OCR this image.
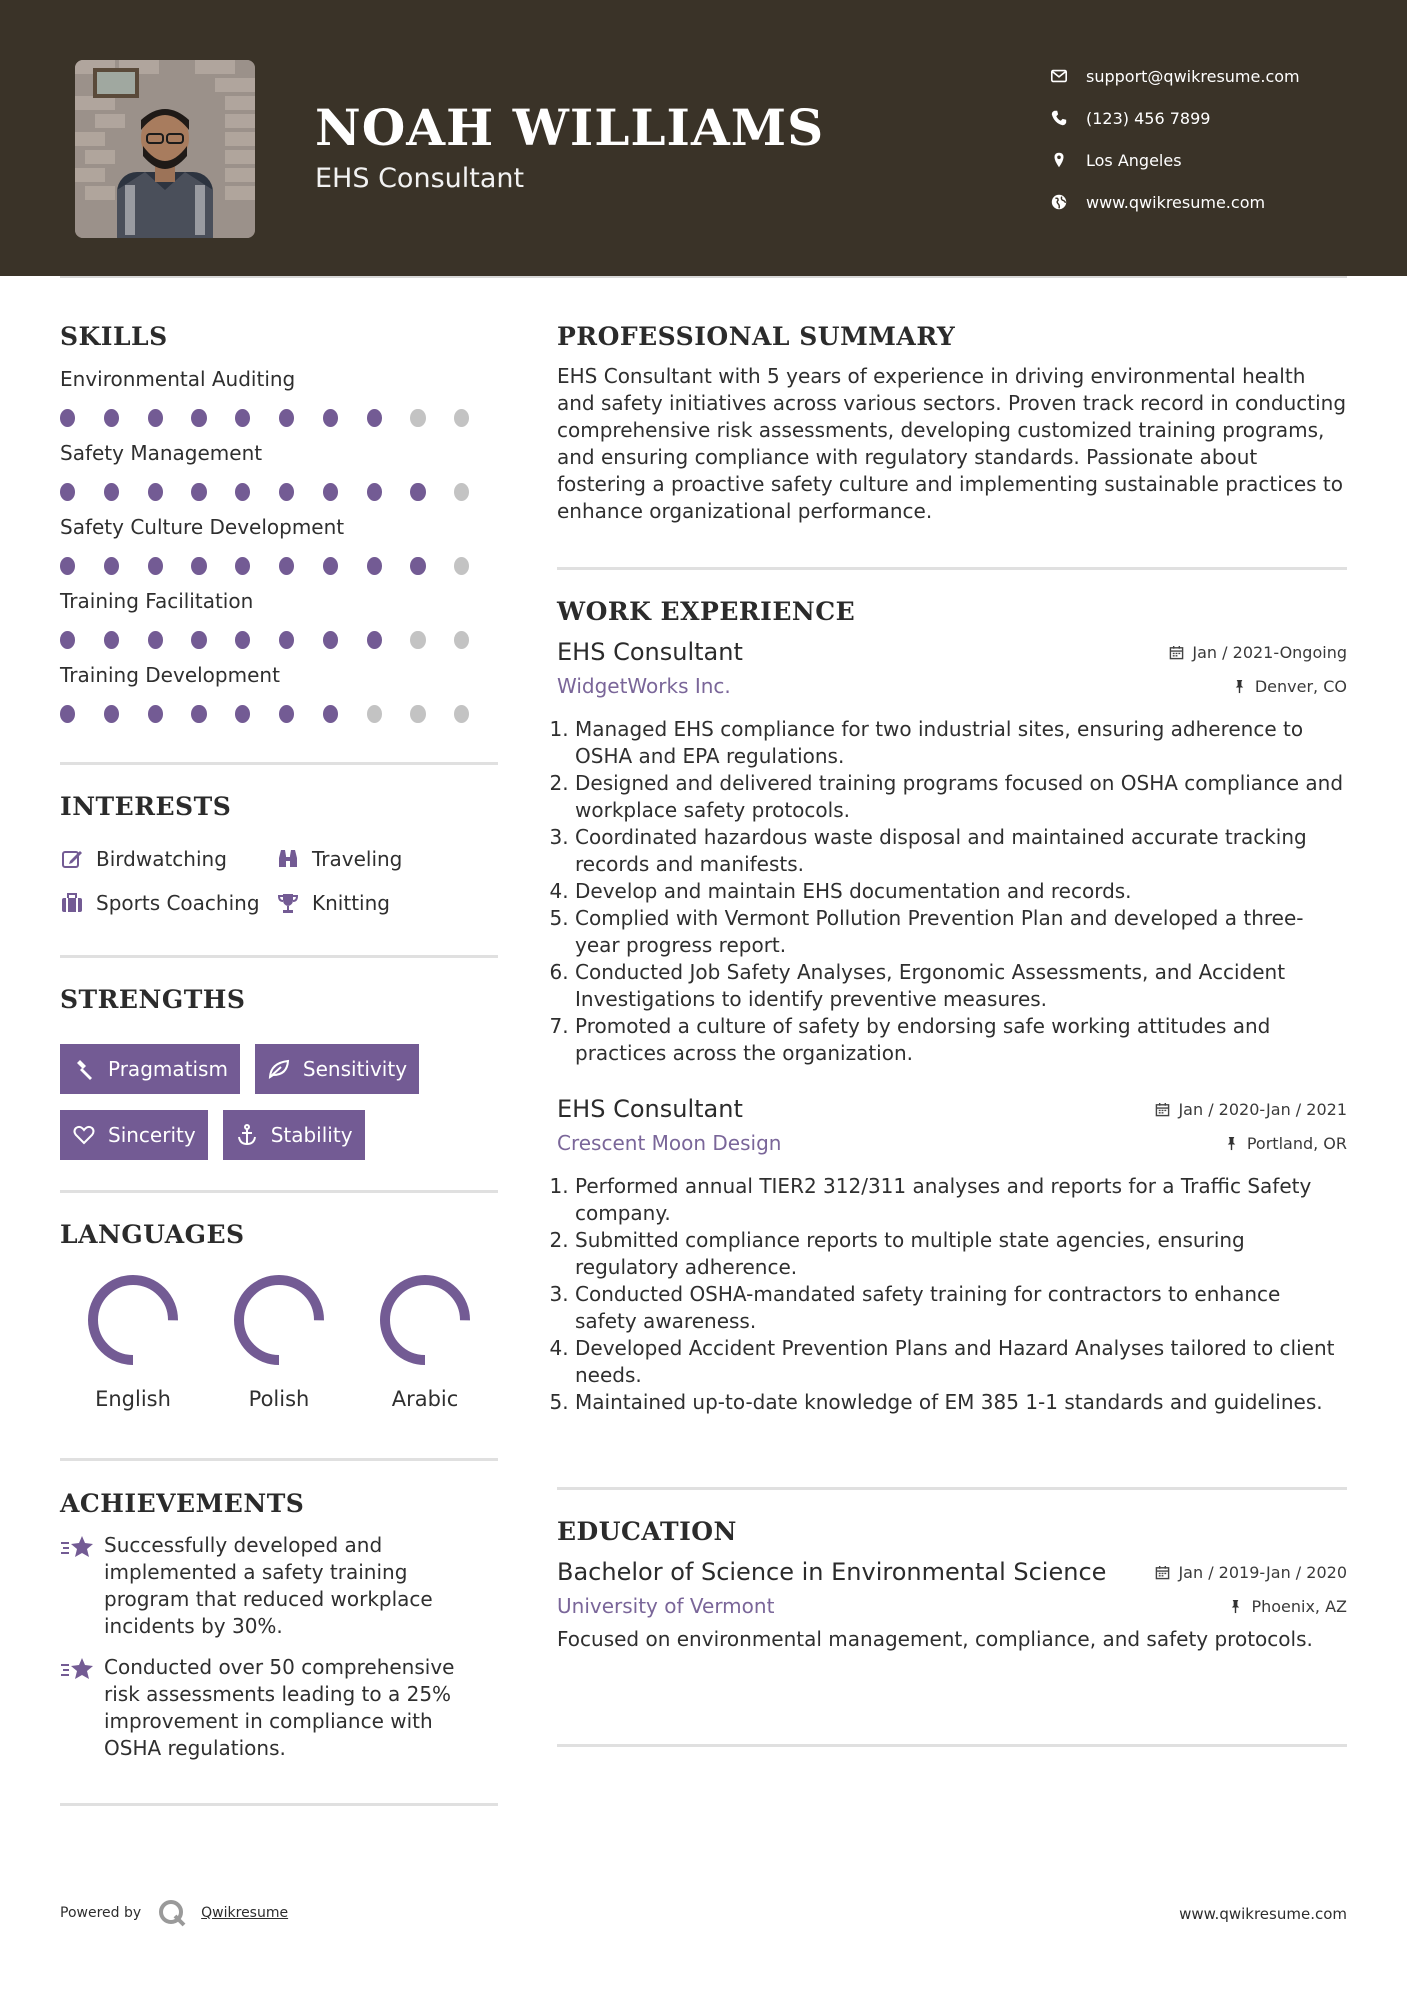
NOAH WILLIAMS
EHS Consultant
support@qwikresume.com
(123) 456 7899
Los Angeles
www.qwikresume.com
SKILLS
Environmental Auditing
Safety Management
Safety Culture Development
Training Facilitation
Training Development
INTERESTS
Birdwatching	Traveling
Sports Coaching	Knitting
STRENGTHS
Pragmatism	Sensitivity
Sincerity	Stability
LANGUAGES
English	Polish	Arabic
ACHIEVEMENTS
Successfully developed and implemented a safety training program that reduced workplace incidents by 30%.
Conducted over 50 comprehensive risk assessments leading to a 25% improvement in compliance with OSHA regulations.
PROFESSIONAL SUMMARY

EHS Consultant with 5 years of experience in driving environmental health and safety initiatives across various sectors. Proven track record in conducting comprehensive risk assessments, developing customized training programs, and ensuring compliance with regulatory standards. Passionate about fostering a proactive safety culture and implementing sustainable practices to enhance organizational performance.

WORK EXPERIENCE
EHS Consultant	Jan / 2021-Ongoing
WidgetWorks Inc.	Denver, CO
1. Managed EHS compliance for two industrial sites, ensuring adherence to OSHA and EPA regulations.
2. Designed and delivered training programs focused on OSHA compliance and workplace safety protocols.
3. Coordinated hazardous waste disposal and maintained accurate tracking records and manifests.
4. Develop and maintain EHS documentation and records.
5. Complied with Vermont Pollution Prevention Plan and developed a three-year progress report.
6. Conducted Job Safety Analyses, Ergonomic Assessments, and Accident Investigations to identify preventive measures.
7. Promoted a culture of safety by endorsing safe working attitudes and practices across the organization.
EHS Consultant	Jan / 2020-Jan / 2021
Crescent Moon Design	Portland, OR
1. Performed annual TIER2 312/311 analyses and reports for a Traffic Safety company.
2. Submitted compliance reports to multiple state agencies, ensuring regulatory adherence.
3. Conducted OSHA-mandated safety training for contractors to enhance safety awareness.
4. Developed Accident Prevention Plans and Hazard Analyses tailored to client needs.
5. Maintained up-to-date knowledge of EM 385 1-1 standards and guidelines.
EDUCATION
Bachelor of Science in Environmental Science	Jan / 2019-Jan / 2020
University of Vermont	Phoenix, AZ

Focused on environmental management, compliance, and safety protocols.

Powered by	Qwikresume	www.qwikresume.com
